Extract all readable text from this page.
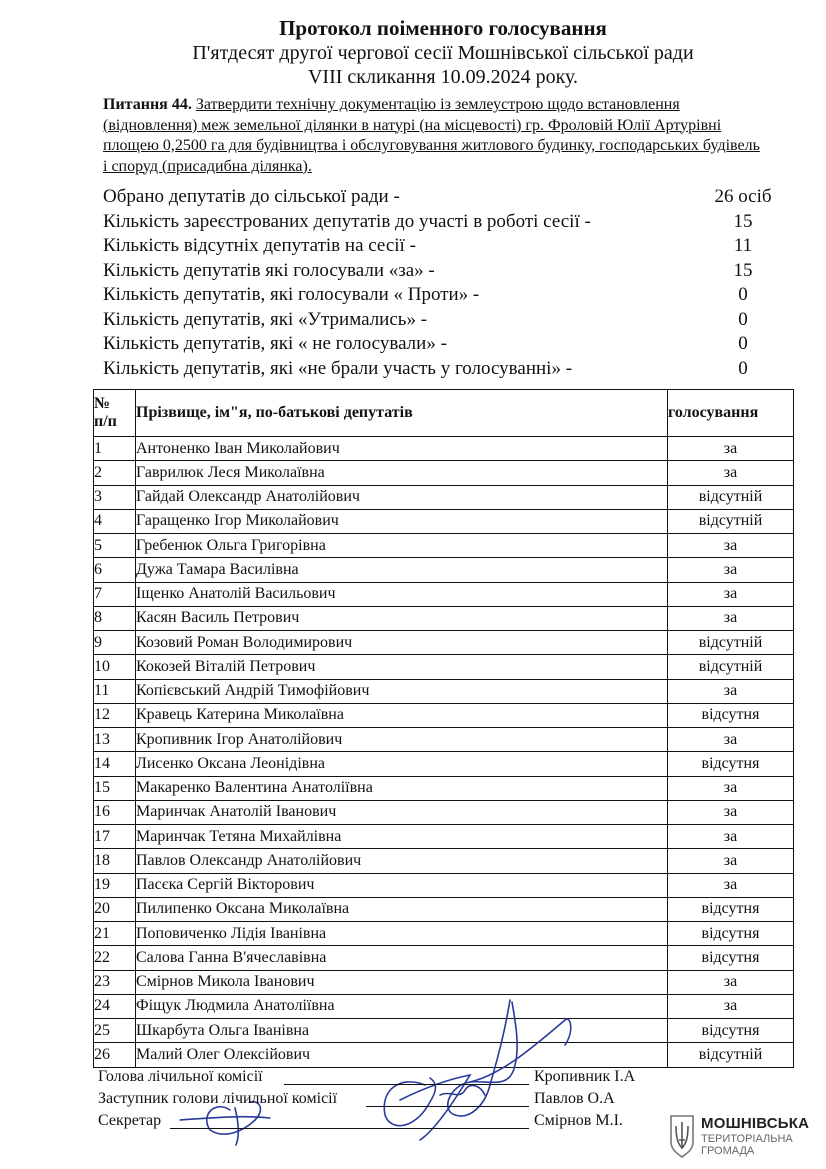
Протокол поіменного голосування
П'ятдесят другої чергової сесії Мошнівської сільської ради
VIII скликання 10.09.2024 року.
Питання 44. Затвердити технічну документацію із землеустрою щодо встановлення (відновлення) меж земельної ділянки в натурі (на місцевості) гр. Фроловій Юлії Артурівні площею 0,2500 га для будівництва і обслуговування житлового будинку, господарських будівель і споруд (присадибна ділянка).
Обрано депутатів до сільської ради -	26 осіб
Кількість зареєстрованих депутатів до участі в роботі сесії -	15
Кількість відсутніх депутатів на сесії -	11
Кількість депутатів які голосували «за» -	15
Кількість депутатів, які голосували « Проти» -	0
Кількість депутатів, які «Утримались» -	0
Кількість депутатів, які « не голосували» -	0
Кількість депутатів, які «не брали участь у голосуванні» -	0
№
п/п	Прізвище, ім"я, по-батькові депутатів	голосування
1	Антоненко Іван Миколайович	за
2	Гаврилюк Леся Миколаївна	за
3	Гайдай Олександр Анатолійович	відсутній
4	Гаращенко Ігор Миколайович	відсутній
5	Гребенюк Ольга Григорівна	за
6	Дужа Тамара Василівна	за
7	Іщенко Анатолій Васильович	за
8	Касян Василь Петрович	за
9	Козовий Роман Володимирович	відсутній
10	Кокозей Віталій Петрович	відсутній
11	Копієвський Андрій Тимофійович	за
12	Кравець Катерина Миколаївна	відсутня
13	Кропивник Ігор Анатолійович	за
14	Лисенко Оксана Леонідівна	відсутня
15	Макаренко Валентина Анатоліївна	за
16	Маринчак Анатолій Іванович	за
17	Маринчак Тетяна Михайлівна	за
18	Павлов Олександр Анатолійович	за
19	Пасєка Сергій Вікторович	за
20	Пилипенко Оксана Миколаївна	відсутня
21	Поповиченко Лідія Іванівна	відсутня
22	Салова Ганна В'ячеславівна	відсутня
23	Смірнов Микола Іванович	за
24	Фіщук Людмила Анатоліївна	за
25	Шкарбута Ольга Іванівна	відсутня
26	Малий Олег Олексійович	відсутній
Голова лічильної комісії	Кропивник І.А
Заступник голови лічильної комісії	Павлов О.А
Секретар	Смірнов М.І.	МОШНІВСЬКА
ТЕРИТОРІАЛЬНА
ГРОМАДА
